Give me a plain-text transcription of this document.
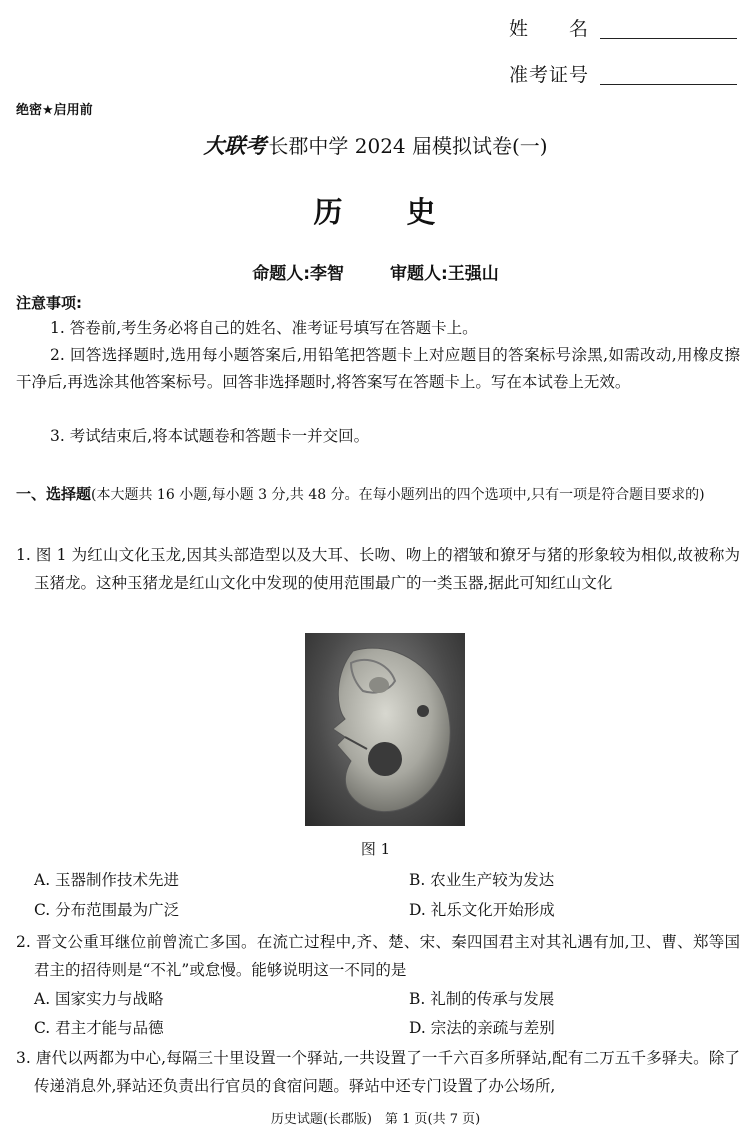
姓　　名
准考证号
绝密★启用前
大联考 长郡中学 2024 届模拟试卷(一)
历　　史
命题人:李智	审题人:王强山
注意事项:
1. 答卷前,考生务必将自己的姓名、准考证号填写在答题卡上。
2. 回答选择题时,选用每小题答案后,用铅笔把答题卡上对应题目的答案标号涂黑,如需改动,用橡皮擦干净后,再选涂其他答案标号。回答非选择题时,将答案写在答题卡上。写在本试卷上无效。
3. 考试结束后,将本试题卷和答题卡一并交回。
一、选择题(本大题共 16 小题,每小题 3 分,共 48 分。在每小题列出的四个选项中,只有一项是符合题目要求的)
1. 图 1 为红山文化玉龙,因其头部造型以及大耳、长吻、吻上的褶皱和獠牙与猪的形象较为相似,故被称为玉猪龙。这种玉猪龙是红山文化中发现的使用范围最广的一类玉器,据此可知红山文化
图 1
A. 玉器制作技术先进	B. 农业生产较为发达
C. 分布范围最为广泛	D. 礼乐文化开始形成
2. 晋文公重耳继位前曾流亡多国。在流亡过程中,齐、楚、宋、秦四国君主对其礼遇有加,卫、曹、郑等国君主的招待则是“不礼”或怠慢。能够说明这一不同的是
A. 国家实力与战略	B. 礼制的传承与发展
C. 君主才能与品德	D. 宗法的亲疏与差别
3. 唐代以两都为中心,每隔三十里设置一个驿站,一共设置了一千六百多所驿站,配有二万五千多驿夫。除了传递消息外,驿站还负责出行官员的食宿问题。驿站中还专门设置了办公场所,
历史试题(长郡版)　第 1 页(共 7 页)
